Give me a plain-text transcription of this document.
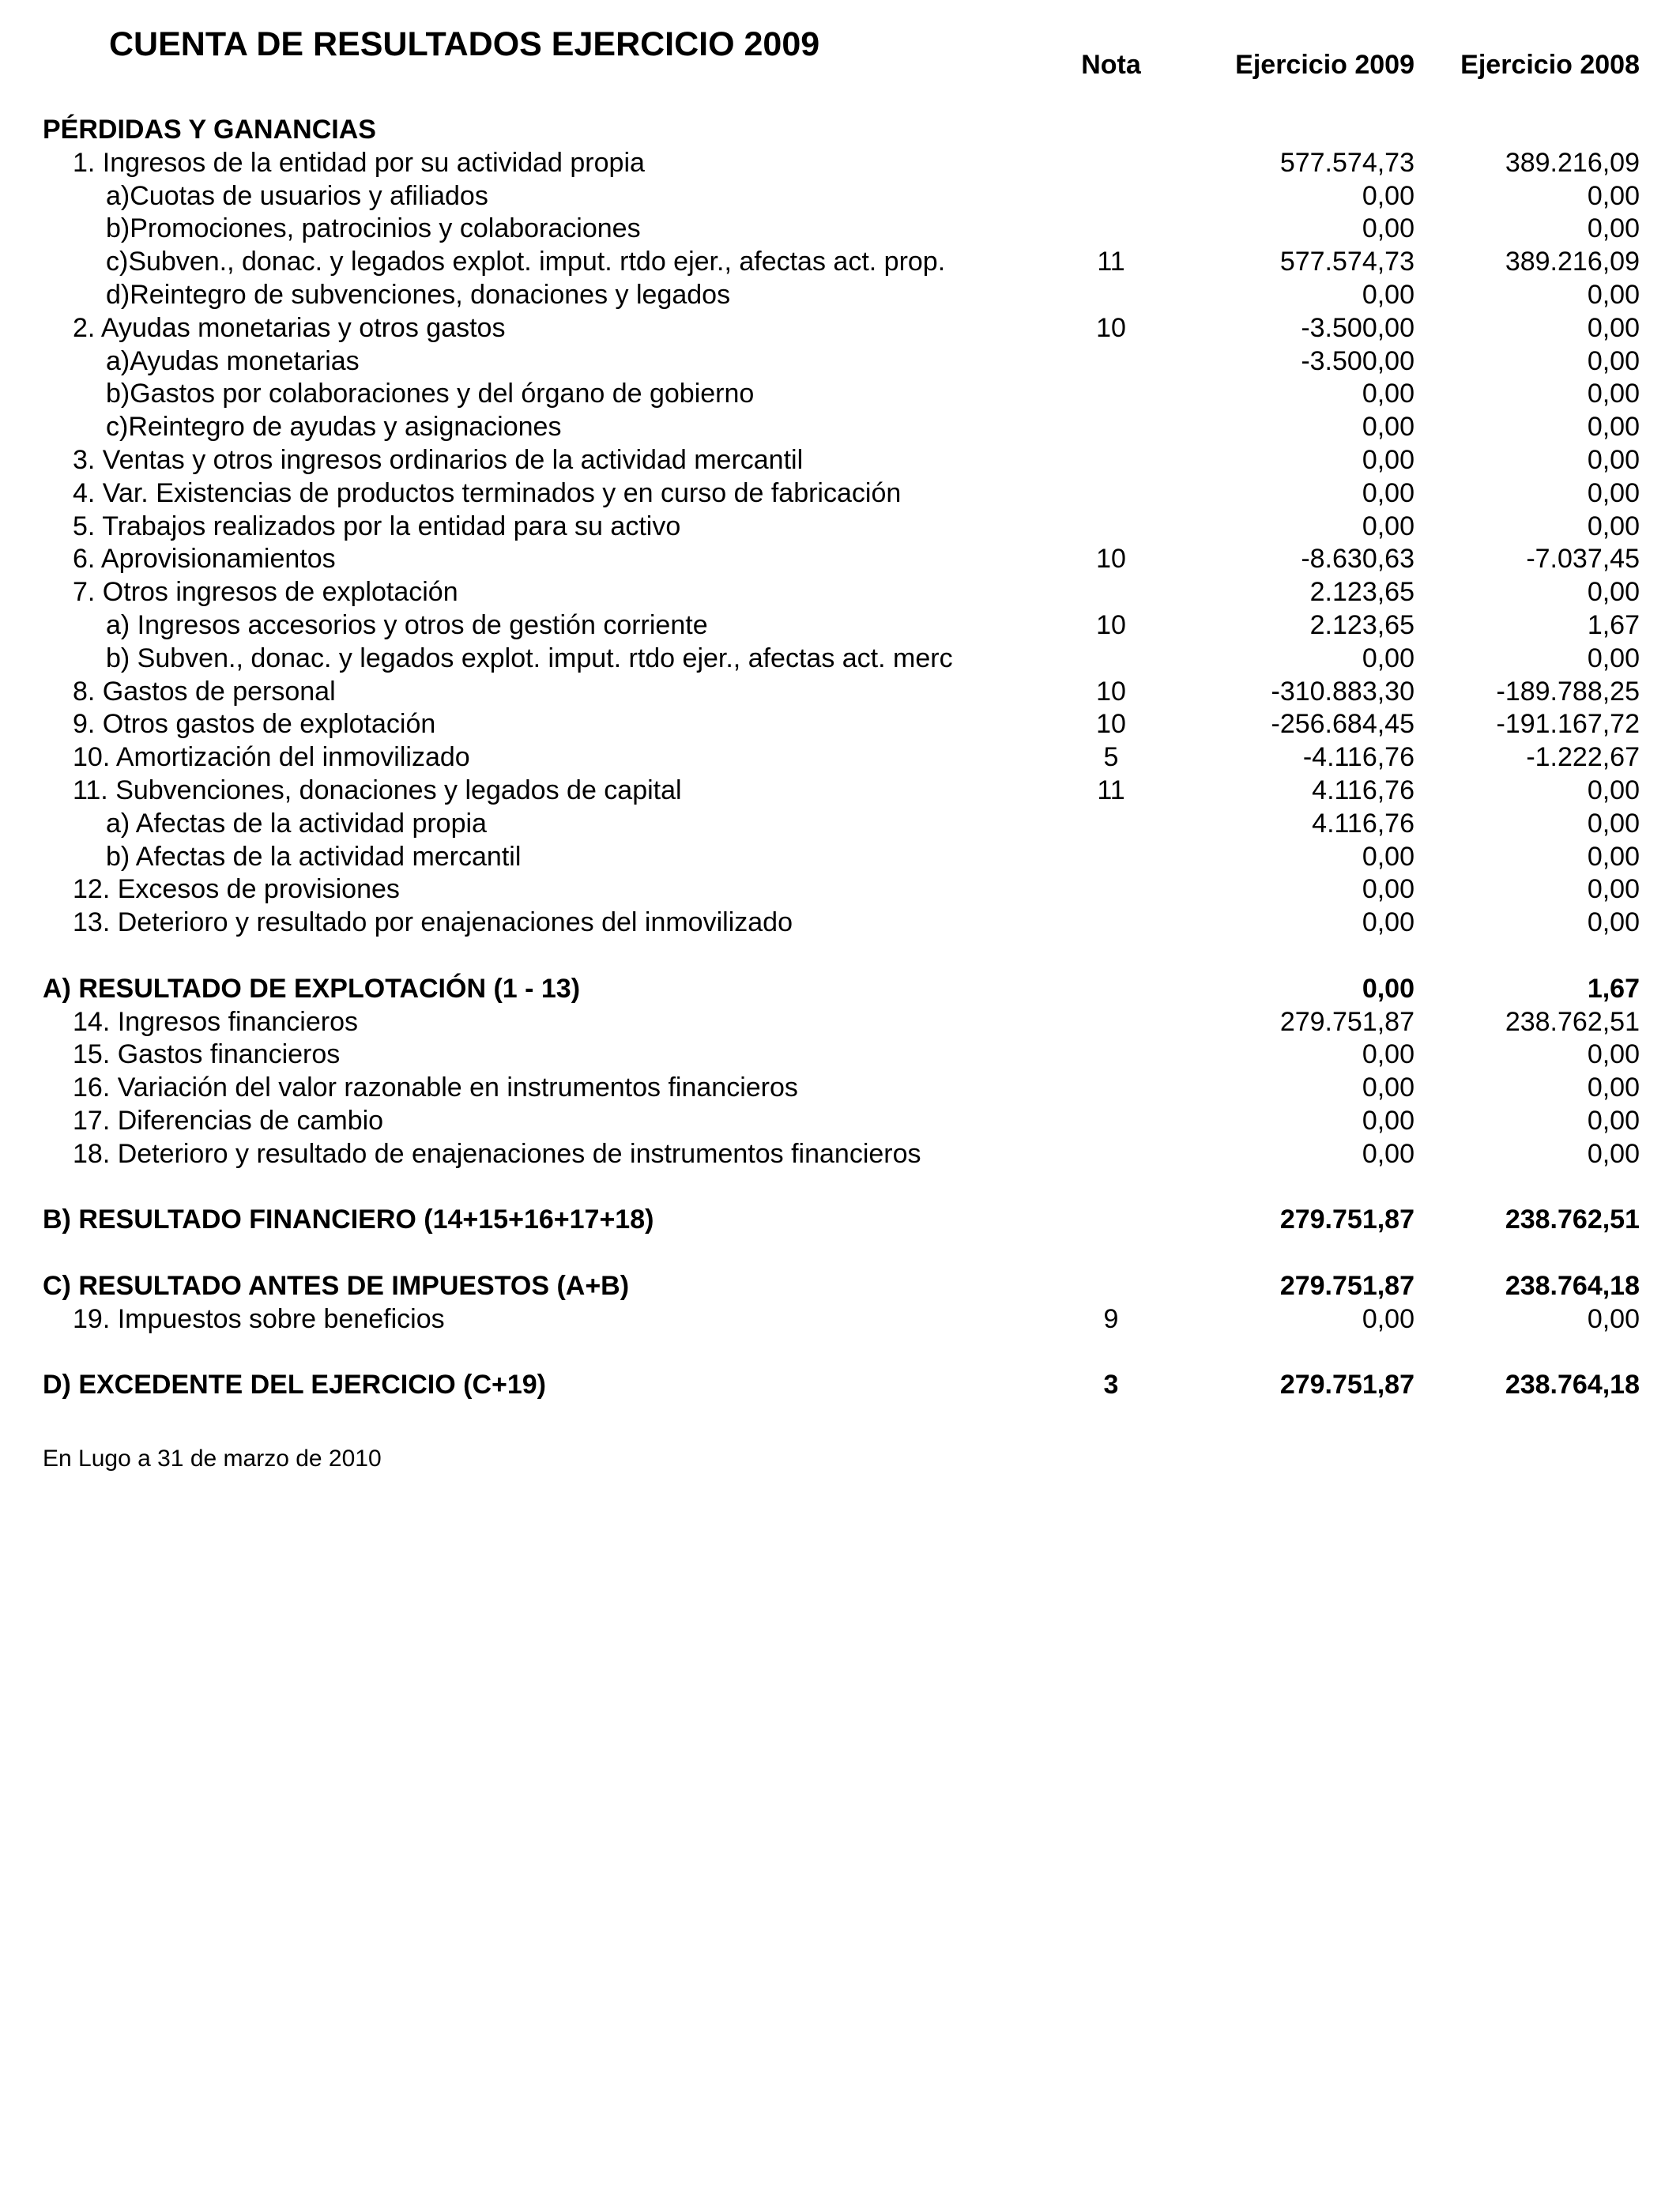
CUENTA DE RESULTADOS EJERCICIO 2009
Nota	Ejercicio 2009	Ejercicio 2008
PÉRDIDAS Y GANANCIAS
1. Ingresos de la entidad por su actividad propia	577.574,73	389.216,09
a)Cuotas de usuarios y afiliados	0,00	0,00
b)Promociones, patrocinios y colaboraciones	0,00	0,00
c)Subven., donac. y legados explot. imput. rtdo ejer., afectas act. prop.	11	577.574,73	389.216,09
d)Reintegro de subvenciones, donaciones y legados	0,00	0,00
2. Ayudas monetarias y otros gastos	10	-3.500,00	0,00
a)Ayudas monetarias	-3.500,00	0,00
b)Gastos por colaboraciones y del órgano de gobierno	0,00	0,00
c)Reintegro de ayudas y asignaciones	0,00	0,00
3. Ventas y otros ingresos ordinarios de la actividad mercantil	0,00	0,00
4. Var. Existencias de productos terminados y en curso de fabricación	0,00	0,00
5. Trabajos realizados por la entidad para su activo	0,00	0,00
6. Aprovisionamientos	10	-8.630,63	-7.037,45
7. Otros ingresos de explotación	2.123,65	0,00
a) Ingresos accesorios y otros de gestión corriente	10	2.123,65	1,67
b) Subven., donac. y legados explot. imput. rtdo ejer., afectas act. merc	0,00	0,00
8. Gastos de personal	10	-310.883,30	-189.788,25
9. Otros gastos de explotación	10	-256.684,45	-191.167,72
10. Amortización del inmovilizado	5	-4.116,76	-1.222,67
11. Subvenciones, donaciones y legados de capital	11	4.116,76	0,00
a) Afectas de la actividad propia	4.116,76	0,00
b) Afectas de la actividad mercantil	0,00	0,00
12. Excesos de provisiones	0,00	0,00
13. Deterioro y resultado por enajenaciones del inmovilizado	0,00	0,00
A) RESULTADO DE EXPLOTACIÓN (1 - 13)	0,00	1,67
14. Ingresos financieros	279.751,87	238.762,51
15. Gastos financieros	0,00	0,00
16. Variación del valor razonable en instrumentos financieros	0,00	0,00
17. Diferencias de cambio	0,00	0,00
18. Deterioro y resultado de enajenaciones de instrumentos financieros	0,00	0,00
B) RESULTADO FINANCIERO (14+15+16+17+18)	279.751,87	238.762,51
C) RESULTADO ANTES DE IMPUESTOS (A+B)	279.751,87	238.764,18
19. Impuestos sobre beneficios	9	0,00	0,00
D) EXCEDENTE DEL EJERCICIO (C+19)	3	279.751,87	238.764,18
En Lugo a 31 de marzo de 2010
